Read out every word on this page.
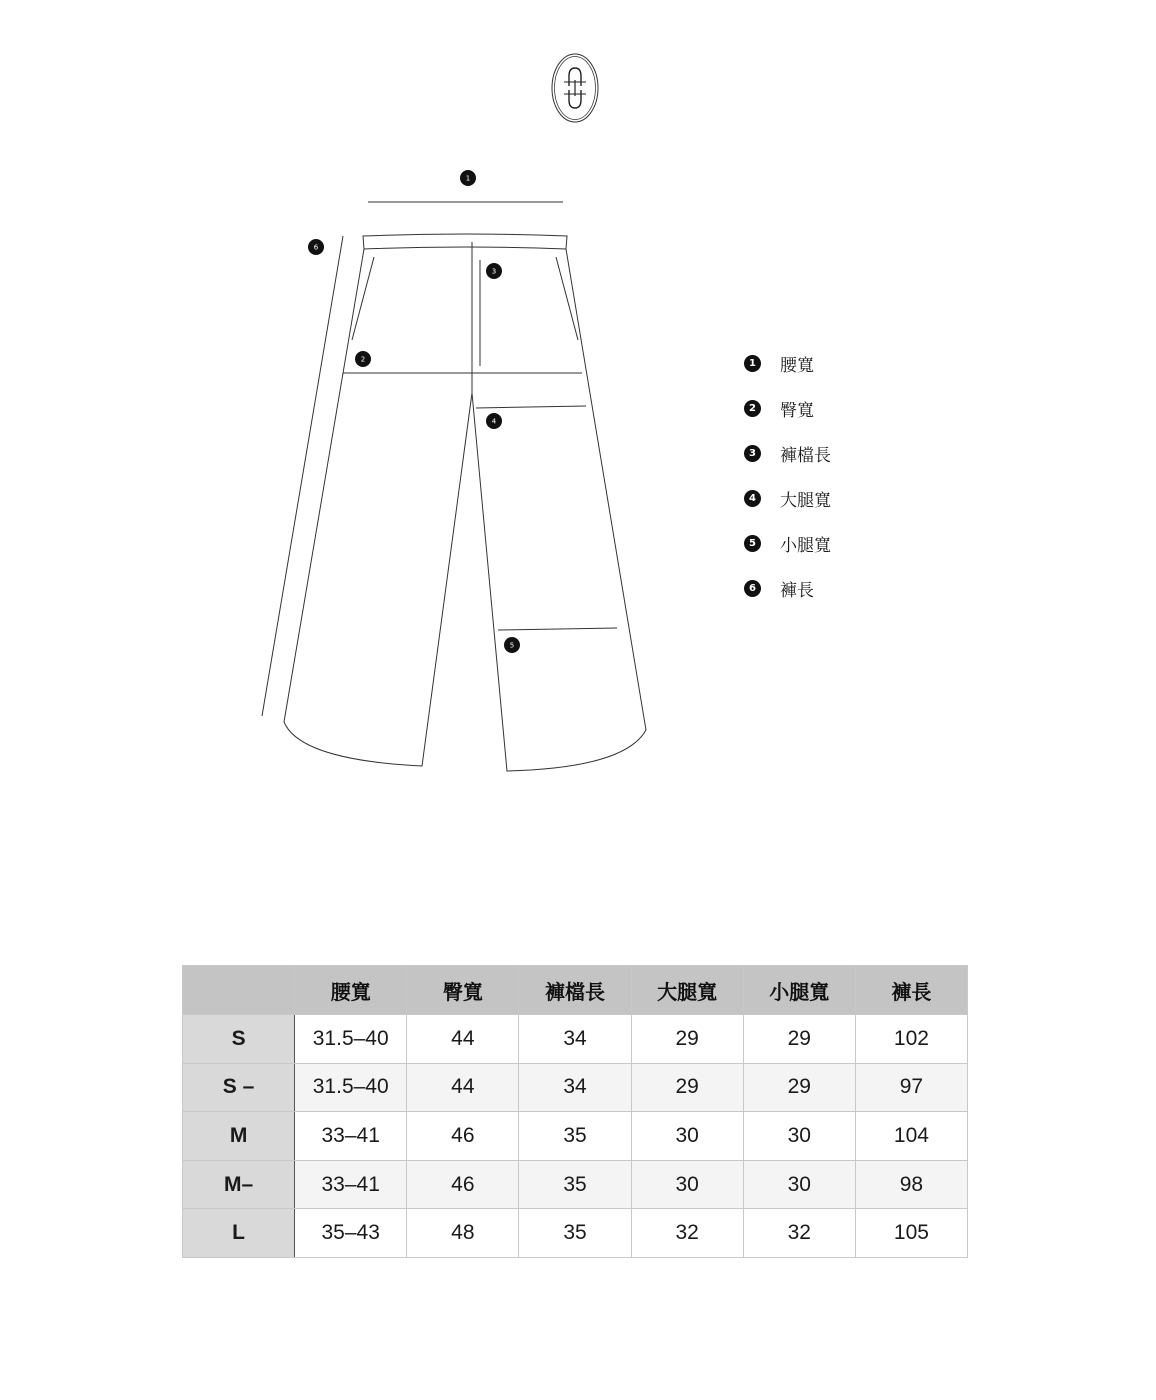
1
6
3
2
4
5
1 腰寬
2 臀寬
3 褲檔長
4 大腿寬
5 小腿寬
6 褲長
	腰寬	臀寬	褲檔長	大腿寬	小腿寬	褲長
S	31.5–40	44	34	29	29	102
S –	31.5–40	44	34	29	29	97
M	33–41	46	35	30	30	104
M–	33–41	46	35	30	30	98
L	35–43	48	35	32	32	105
